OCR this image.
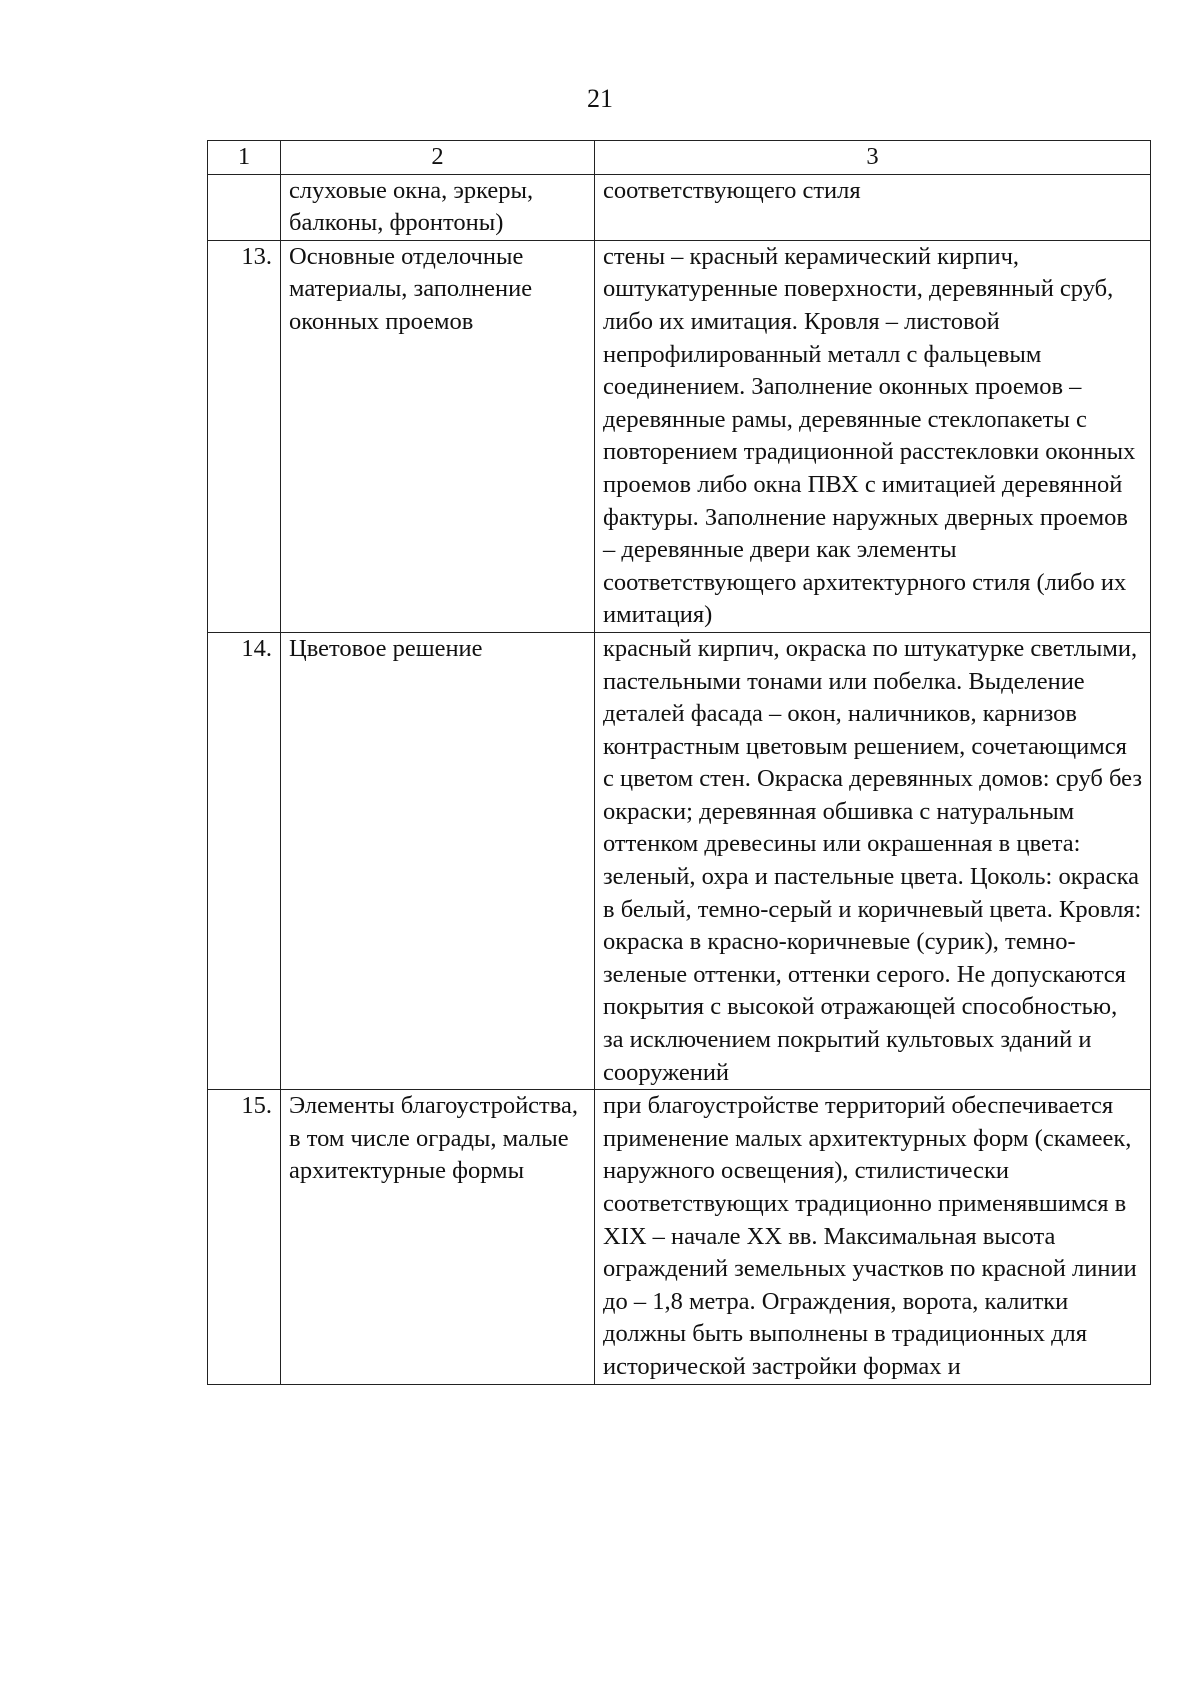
21
1	2	3
	слуховые окна, эркеры, балконы, фронтоны)	соответствующего стиля
13.	Основные отделочные материалы, заполнение оконных проемов	стены – красный керамический кирпич, оштукатуренные поверхности, деревянный сруб, либо их имитация. Кровля – листовой непрофилированный металл с фальцевым соединением. Заполнение оконных проемов – деревянные рамы, деревянные стеклопакеты с повторением традиционной расстекловки оконных проемов либо окна ПВХ с имитацией деревянной фактуры. Заполнение наружных дверных проемов – деревянные двери как элементы соответствующего архитектурного стиля (либо их имитация)
14.	Цветовое решение	красный кирпич, окраска по штукатурке светлыми, пастельными тонами или побелка. Выделение деталей фасада – окон, наличников, карнизов контрастным цветовым решением, сочетающимся с цветом стен. Окраска деревянных домов: сруб без окраски; деревянная обшивка с натуральным оттенком древесины или окрашенная в цвета: зеленый, охра и пастельные цвета. Цоколь: окраска в белый, темно-серый и коричневый цвета. Кровля: окраска в красно-коричневые (сурик), темно-зеленые оттенки, оттенки серого. Не допускаются покрытия с высокой отражающей способностью, за исключением покрытий культовых зданий и сооружений
15.	Элементы благоустройства, в том числе ограды, малые архитектурные формы	при благоустройстве территорий обеспечивается применение малых архитектурных форм (скамеек, наружного освещения), стилистически соответствующих традиционно применявшимся в XIX – начале XX вв. Максимальная высота ограждений земельных участков по красной линии до – 1,8 метра. Ограждения, ворота, калитки должны быть выполнены в традиционных для исторической застройки формах и
